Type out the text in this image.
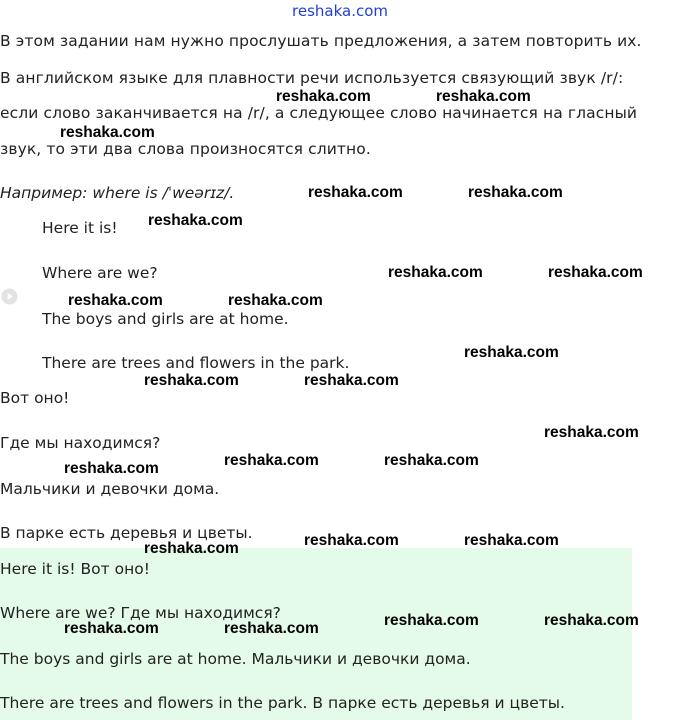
reshaka.com
В этом задании нам нужно прослушать предложения, а затем повторить их.
В английском языке для плавности речи используется связующий звук /r/:
если слово заканчивается на /r/, а следующее слово начинается на гласный
звук, то эти два слова произносятся слитно.
Например: where is /ˈweərɪz/.
Here it is!
Where are we?
The boys and girls are at home.
There are trees and flowers in the park.
Вот оно!
Где мы находимся?
Мальчики и девочки дома.
В парке есть деревья и цветы.
Here it is! Вот оно!
Where are we? Где мы находимся?
The boys and girls are at home. Мальчики и девочки дома.
There are trees and flowers in the park. В парке есть деревья и цветы.
reshaka.com	reshaka.com
reshaka.com
reshaka.com	reshaka.com
reshaka.com
reshaka.com	reshaka.com
reshaka.com	reshaka.com
reshaka.com
reshaka.com	reshaka.com
reshaka.com
reshaka.com	reshaka.com
reshaka.com
reshaka.com	reshaka.com
reshaka.com
reshaka.com	reshaka.com
reshaka.com	reshaka.com
